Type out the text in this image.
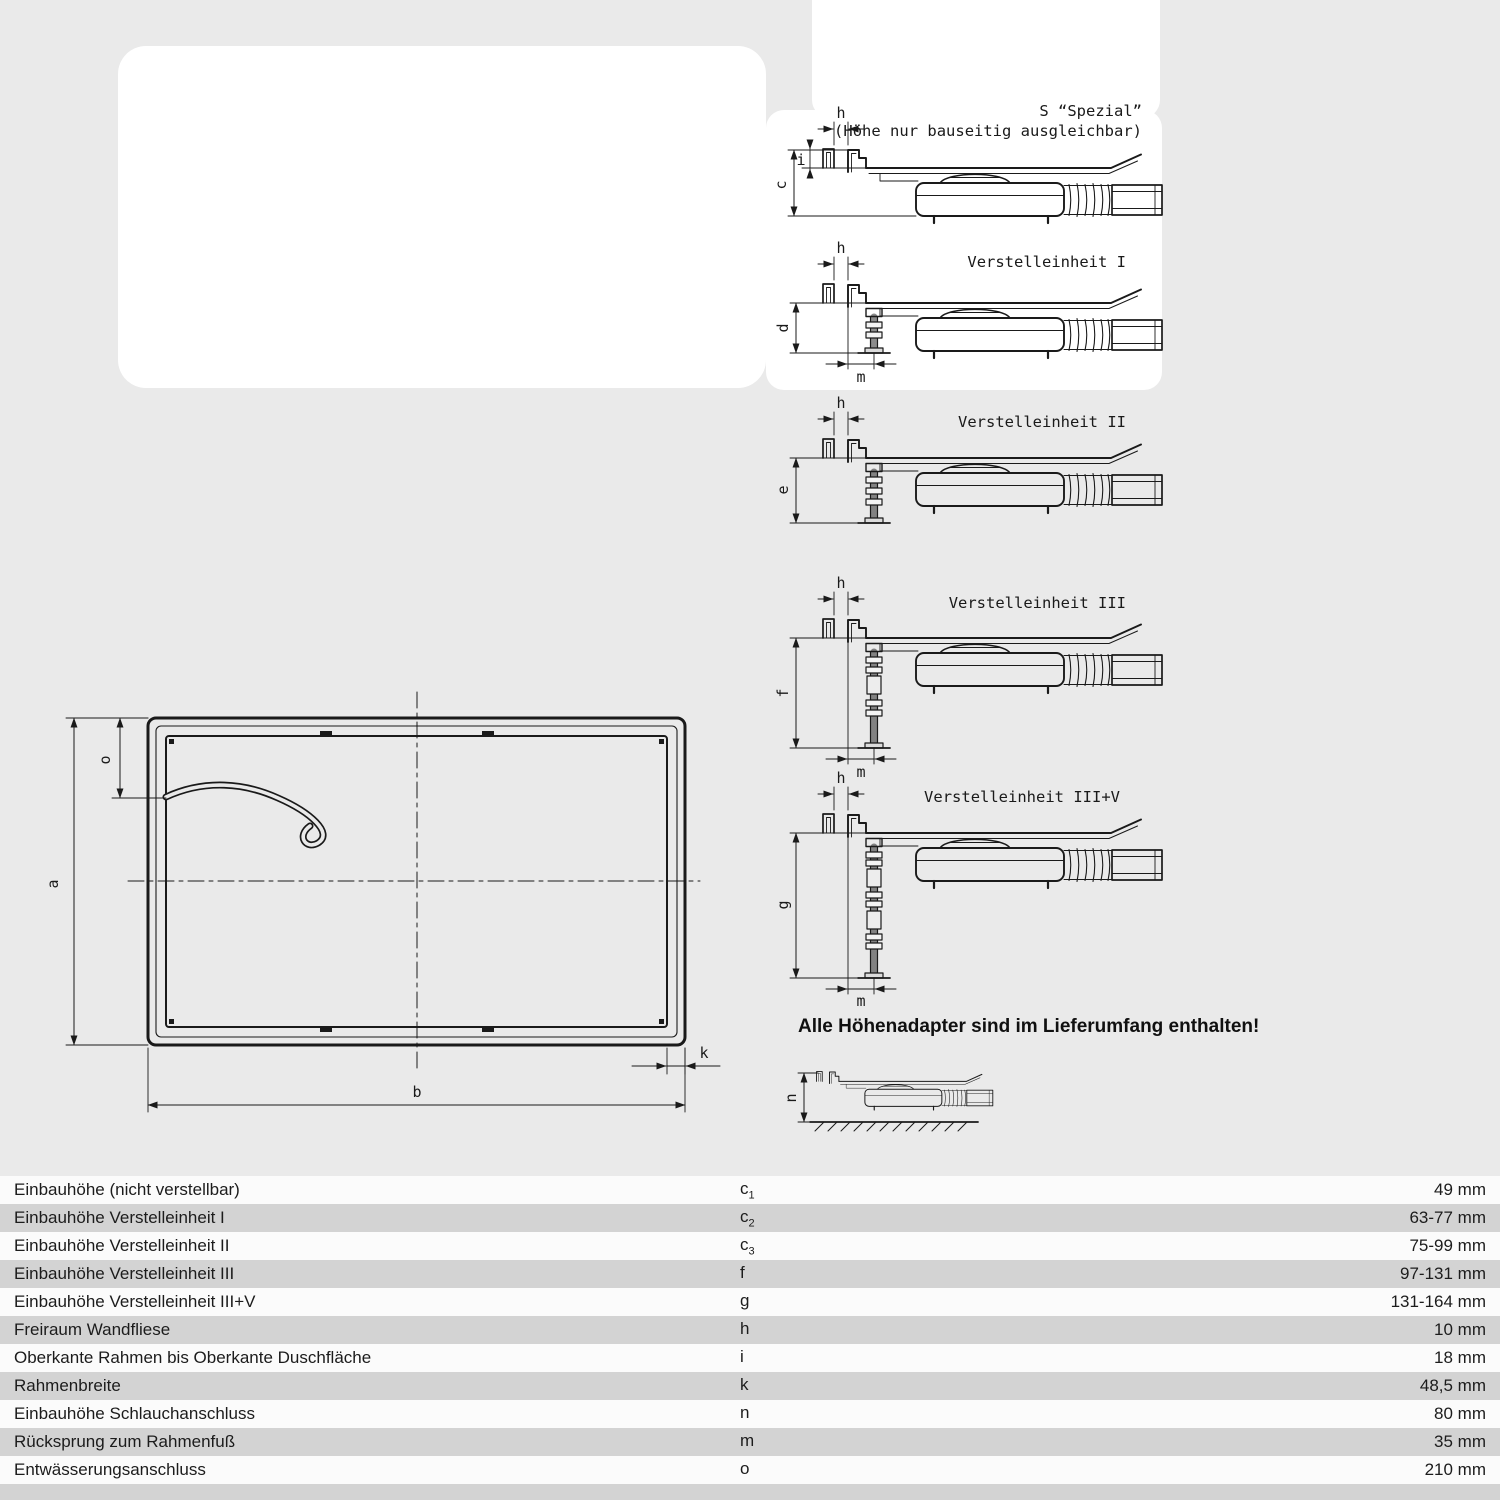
S “Spezial”
(Höhe nur bauseitig ausgleichbar)
h
i
c
Verstelleinheit I
h
d
m
Verstelleinheit II
h
e
Verstelleinheit III
h
f
m
Verstelleinheit III+V
h
g
m
a
o
b
k
n
Alle Höhenadapter sind im Lieferumfang enthalten!
Einbauhöhe (nicht verstellbar)	$c_1$	49 mm
Einbauhöhe Verstelleinheit I	$c_2$	63-77 mm
Einbauhöhe Verstelleinheit II	$c_3$	75-99 mm
Einbauhöhe Verstelleinheit III	f	97-131 mm
Einbauhöhe Verstelleinheit III+V	g	131-164 mm
Freiraum Wandfliese	h	10 mm
Oberkante Rahmen bis Oberkante Duschfläche	i	18 mm
Rahmenbreite	k	48,5 mm
Einbauhöhe Schlauchanschluss	n	80 mm
Rücksprung zum Rahmenfuß	m	35 mm
Entwässerungsanschluss	o	210 mm
